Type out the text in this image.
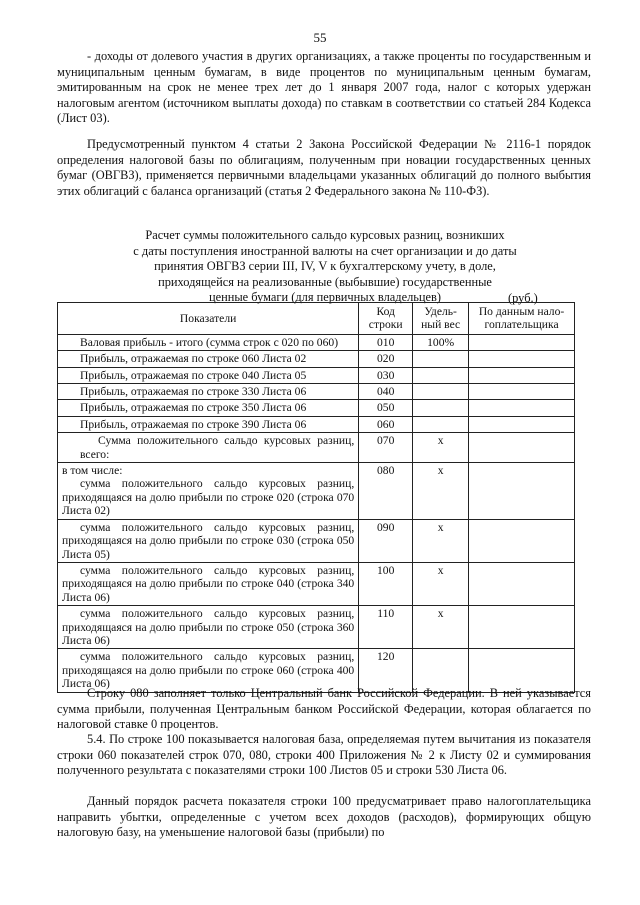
55

- доходы от долевого участия в других организациях, а также проценты по государственным и муниципальным ценным бумагам, в виде процентов по муниципальным ценным бумагам, эмитированным на срок не менее трех лет до 1 января 2007 года, налог с которых удержан налоговым агентом (источником выплаты дохода) по ставкам в соответствии со статьей 284 Кодекса (Лист 03).

Предусмотренный пунктом 4 статьи 2 Закона Российской Федерации № 2116-1 порядок определения налоговой базы по облигациям, полученным при новации государственных ценных бумаг (ОВГВЗ), применяется первичными владельцами указанных облигаций до полного выбытия этих облигаций с баланса организаций (статья 2 Федерального закона № 110-ФЗ).

Расчет суммы положительного сальдо курсовых разниц, возникших
с даты поступления иностранной валюты на счет организации и до даты
принятия ОВГВЗ серии III, IV, V к бухгалтерскому учету, в доле,
приходящейся на реализованные (выбывшие) государственные
ценные бумаги (для первичных владельцев)	(руб.)
Показатели	Код строки	Удель-ный вес	По данным нало-гоплательщика
Валовая прибыль - итого (сумма строк с 020 по 060)	010	100%	
Прибыль, отражаемая по строке 060 Листа 02	020		
Прибыль, отражаемая по строке 040 Листа 05	030		
Прибыль, отражаемая по строке 330 Листа 06	040		
Прибыль, отражаемая по строке 350 Листа 06	050		
Прибыль, отражаемая по строке 390 Листа 06	060		

Сумма положительного сальдо курсовых разниц, всего:	070	x	
в том числе:
сумма положительного сальдо курсовых разниц, приходящаяся на долю прибыли по строке 020 (строка 070 Листа 02)	080	x	

сумма положительного сальдо курсовых разниц, приходящаяся на долю прибыли по строке 030 (строка 050 Листа 05)	090	x	

сумма положительного сальдо курсовых разниц, приходящаяся на долю прибыли по строке 040 (строка 340 Листа 06)	100	x	

сумма положительного сальдо курсовых разниц, приходящаяся на долю прибыли по строке 050 (строка 360 Листа 06)	110	x	

сумма положительного сальдо курсовых разниц, приходящаяся на долю прибыли по строке 060 (строка 400 Листа 06)	120		

Строку 080 заполняет только Центральный банк Российской Федерации. В ней указывается сумма прибыли, полученная Центральным банком Российской Федерации, которая облагается по налоговой ставке 0 процентов.

5.4. По строке 100 показывается налоговая база, определяемая путем вычитания из показателя строки 060 показателей строк 070, 080, строки 400 Приложения № 2 к Листу 02 и суммирования полученного результата с показателями строки 100 Листов 05 и строки 530 Листа 06.

Данный порядок расчета показателя строки 100 предусматривает право налогоплательщика направить убытки, определенные с учетом всех доходов (расходов), формирующих общую налоговую базу, на уменьшение налоговой базы (прибыли) по
